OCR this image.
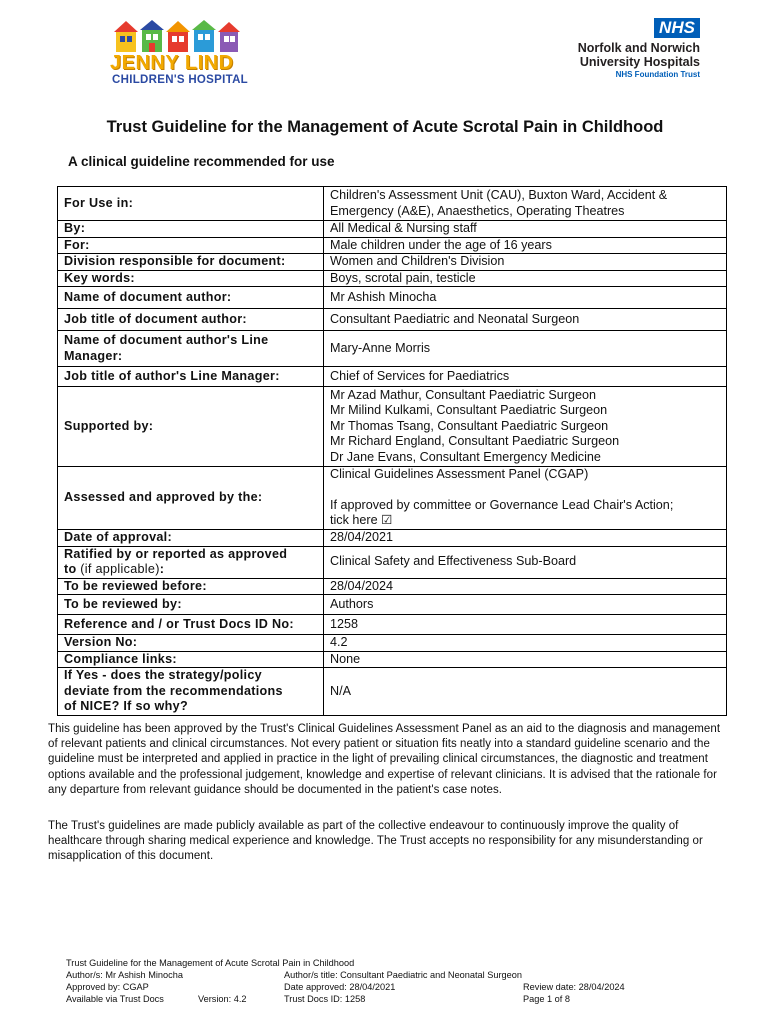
JENNY LIND
CHILDREN'S HOSPITAL
NHS
Norfolk and Norwich
University Hospitals
NHS Foundation Trust
Trust Guideline for the Management of Acute Scrotal Pain in Childhood
A clinical guideline recommended for use
For Use in:	Children's Assessment Unit (CAU), Buxton Ward, Accident &
Emergency (A&E), Anaesthetics, Operating Theatres

By:	All Medical & Nursing staff
For:	Male children under the age of 16 years
Division responsible for document:	Women and Children's Division
Key words:	Boys, scrotal pain, testicle
Name of document author:	Mr Ashish Minocha
Job title of document author:	Consultant Paediatric and Neonatal Surgeon

Name of document author's Line
Manager:	Mary-Anne Morris
Job title of author's Line Manager:	Chief of Services for Paediatrics
Supported by:	Mr Azad Mathur, Consultant Paediatric Surgeon
Mr Milind Kulkami, Consultant Paediatric Surgeon
Mr Thomas Tsang, Consultant Paediatric Surgeon
Mr Richard England, Consultant Paediatric Surgeon
Dr Jane Evans, Consultant Emergency Medicine

Assessed and approved by the:	Clinical Guidelines Assessment Panel (CGAP)
If approved by committee or Governance Lead Chair's Action;
tick here ☑

Date of approval:	28/04/2021

Ratified by or reported as approved
to (if applicable):	Clinical Safety and Effectiveness Sub-Board
To be reviewed before:	28/04/2024
To be reviewed by:	Authors
Reference and / or Trust Docs ID No:	1258
Version No:	4.2
Compliance links:	None

If Yes - does the strategy/policy
deviate from the recommendations
of NICE? If so why?	N/A
This guideline has been approved by the Trust's Clinical Guidelines Assessment Panel as an aid to the diagnosis and management of relevant patients and clinical circumstances. Not every patient or situation fits neatly into a standard guideline scenario and the guideline must be interpreted and applied in practice in the light of prevailing clinical circumstances, the diagnostic and treatment options available and the professional judgement, knowledge and expertise of relevant clinicians. It is advised that the rationale for any departure from relevant guidance should be documented in the patient's case notes.
The Trust's guidelines are made publicly available as part of the collective endeavour to continuously improve the quality of healthcare through sharing medical experience and knowledge. The Trust accepts no responsibility for any misunderstanding or misapplication of this document.
Trust Guideline for the Management of Acute Scrotal Pain in Childhood
Author/s: Mr Ashish Minocha	Author/s title: Consultant Paediatric and Neonatal Surgeon
Approved by: CGAP	Date approved: 28/04/2021	Review date: 28/04/2024
Available via Trust Docs	Version: 4.2	Trust Docs ID: 1258	Page 1 of 8
